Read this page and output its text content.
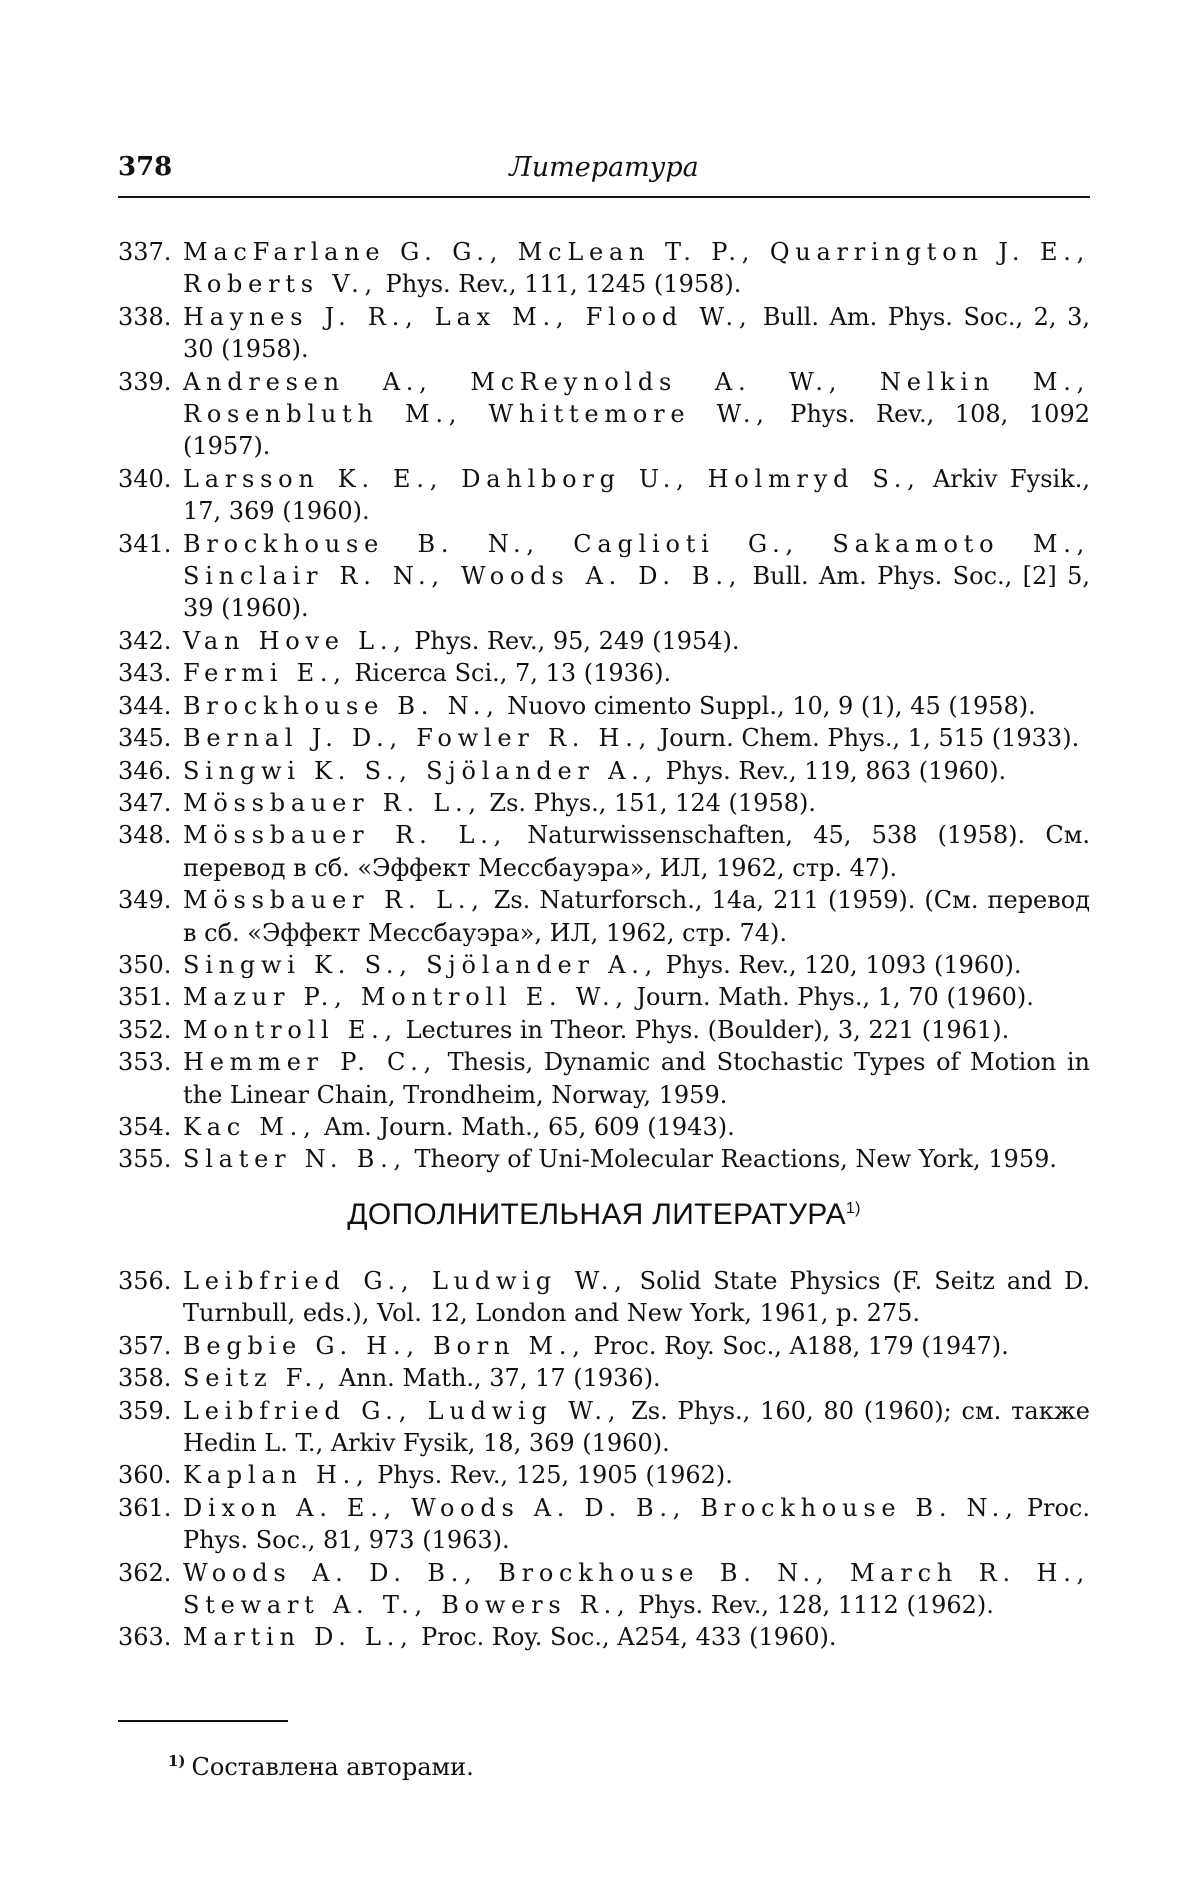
378	Литература
337. MacFarlane G. G., McLean T. P., Quarrington J. E., Roberts V., Phys. Rev., 111, 1245 (1958).
338. Haynes J. R., Lax M., Flood W., Bull. Am. Phys. Soc., 2, 3, 30 (1958).
339. Andresen A., McReynolds A. W., Nelkin M., Rosenbluth M., Whittemore W., Phys. Rev., 108, 1092 (1957).
340. Larsson K. E., Dahlborg U., Holmryd S., Arkiv Fysik., 17, 369 (1960).
341. Brockhouse B. N., Caglioti G., Sakamoto M., Sinclair R. N., Woods A. D. B., Bull. Am. Phys. Soc., [2] 5, 39 (1960).
342. Van Hove L., Phys. Rev., 95, 249 (1954).
343. Fermi E., Ricerca Sci., 7, 13 (1936).
344. Brockhouse B. N., Nuovo cimento Suppl., 10, 9 (1), 45 (1958).
345. Bernal J. D., Fowler R. H., Journ. Chem. Phys., 1, 515 (1933).
346. Singwi K. S., Sjölander A., Phys. Rev., 119, 863 (1960).
347. Mössbauer R. L., Zs. Phys., 151, 124 (1958).
348. Mössbauer R. L., Naturwissenschaften, 45, 538 (1958). См. перевод в сб. «Эффект Мессбауэра», ИЛ, 1962, стр. 47).
349. Mössbauer R. L., Zs. Naturforsch., 14a, 211 (1959). (См. перевод в сб. «Эффект Мессбауэра», ИЛ, 1962, стр. 74).
350. Singwi K. S., Sjölander A., Phys. Rev., 120, 1093 (1960).
351. Mazur P., Montroll E. W., Journ. Math. Phys., 1, 70 (1960).
352. Montroll E., Lectures in Theor. Phys. (Boulder), 3, 221 (1961).
353. Hemmer P. C., Thesis, Dynamic and Stochastic Types of Motion in the Linear Chain, Trondheim, Norway, 1959.
354. Kac M., Am. Journ. Math., 65, 609 (1943).
355. Slater N. B., Theory of Uni-Molecular Reactions, New York, 1959.
ДОПОЛНИТЕЛЬНАЯ ЛИТЕРАТУРА$^{1)}$
356. Leibfried G., Ludwig W., Solid State Physics (F. Seitz and D. Turnbull, eds.), Vol. 12, London and New York, 1961, p. 275.
357. Begbie G. H., Born M., Proc. Roy. Soc., A188, 179 (1947).
358. Seitz F., Ann. Math., 37, 17 (1936).
359. Leibfried G., Ludwig W., Zs. Phys., 160, 80 (1960); см. также Hedin L. T., Arkiv Fysik, 18, 369 (1960).
360. Kaplan H., Phys. Rev., 125, 1905 (1962).
361. Dixon A. E., Woods A. D. B., Brockhouse B. N., Proc. Phys. Soc., 81, 973 (1963).
362. Woods A. D. B., Brockhouse B. N., March R. H., Stewart A. T., Bowers R., Phys. Rev., 128, 1112 (1962).
363. Martin D. L., Proc. Roy. Soc., A254, 433 (1960).
$^{1)}$ Составлена авторами.
